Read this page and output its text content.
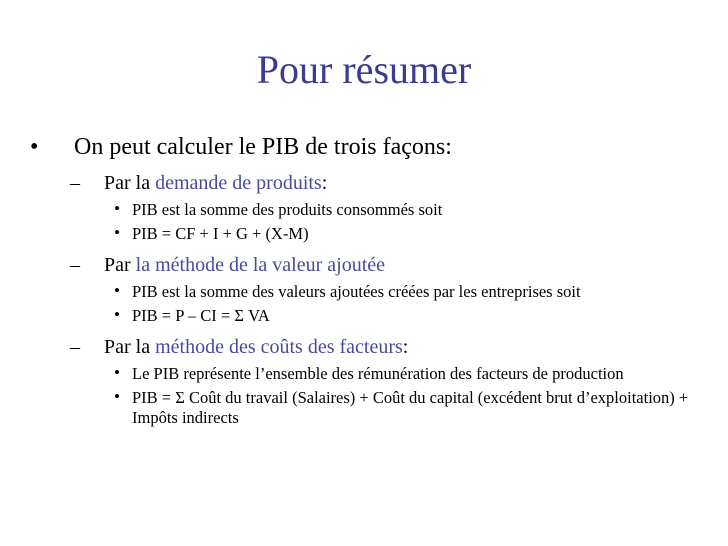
Pour résumer
• On peut calculer le PIB de trois façons:
– Par la demande de produits:
• PIB est la somme des produits consommés soit
• PIB = CF + I + G + (X-M)
– Par la méthode de la valeur ajoutée
• PIB est la somme des valeurs ajoutées créées par les entreprises soit
• PIB = P – CI = Σ VA
– Par la méthode des coûts des facteurs:
• Le PIB représente l’ensemble des rémunération des facteurs de production
• PIB = Σ Coût du travail (Salaires) + Coût du capital (excédent brut d’exploitation) + Impôts indirects
